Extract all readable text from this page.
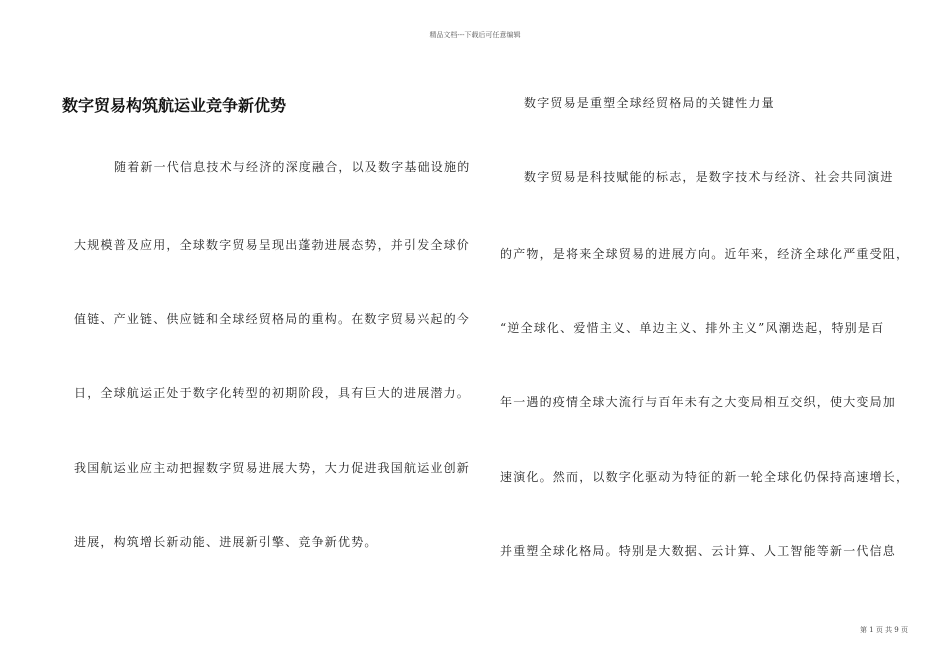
精品文档---下载后可任意编辑
数字贸易构筑航运业竞争新优势
随着新一代信息技术与经济的深度融合，以及数字基础设施的
大规模普及应用，全球数字贸易呈现出蓬勃进展态势，并引发全球价
值链、产业链、供应链和全球经贸格局的重构。在数字贸易兴起的今
日，全球航运正处于数字化转型的初期阶段，具有巨大的进展潜力。
我国航运业应主动把握数字贸易进展大势，大力促进我国航运业创新
进展，构筑增长新动能、进展新引擎、竞争新优势。
数字贸易是重塑全球经贸格局的关键性力量
数字贸易是科技赋能的标志，是数字技术与经济、社会共同演进
的产物，是将来全球贸易的进展方向。近年来，经济全球化严重受阻，
“逆全球化、爱惜主义、单边主义、排外主义”风潮迭起，特别是百
年一遇的疫情全球大流行与百年未有之大变局相互交织，使大变局加
速演化。然而，以数字化驱动为特征的新一轮全球化仍保持高速增长，
并重塑全球化格局。特别是大数据、云计算、人工智能等新一代信息
第 1 页 共 9 页
